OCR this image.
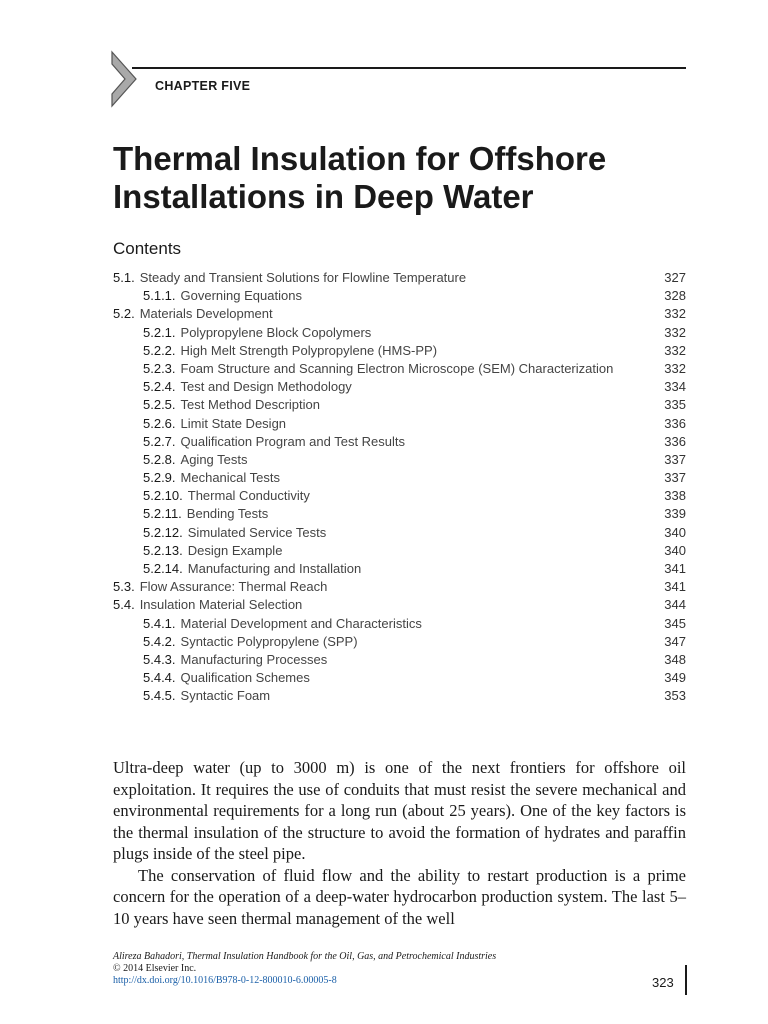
CHAPTER FIVE
Thermal Insulation for Offshore
Installations in Deep Water
Contents
5.1. Steady and Transient Solutions for Flowline Temperature	327
5.1.1. Governing Equations	328
5.2. Materials Development	332
5.2.1. Polypropylene Block Copolymers	332
5.2.2. High Melt Strength Polypropylene (HMS-PP)	332
5.2.3. Foam Structure and Scanning Electron Microscope (SEM) Characterization	332
5.2.4. Test and Design Methodology	334
5.2.5. Test Method Description	335
5.2.6. Limit State Design	336
5.2.7. Qualification Program and Test Results	336
5.2.8. Aging Tests	337
5.2.9. Mechanical Tests	337
5.2.10. Thermal Conductivity	338
5.2.11. Bending Tests	339
5.2.12. Simulated Service Tests	340
5.2.13. Design Example	340
5.2.14. Manufacturing and Installation	341
5.3. Flow Assurance: Thermal Reach	341
5.4. Insulation Material Selection	344
5.4.1. Material Development and Characteristics	345
5.4.2. Syntactic Polypropylene (SPP)	347
5.4.3. Manufacturing Processes	348
5.4.4. Qualification Schemes	349
5.4.5. Syntactic Foam	353

Ultra-deep water (up to 3000 m) is one of the next frontiers for offshore oil exploitation. It requires the use of conduits that must resist the severe mechanical and environmental requirements for a long run (about 25 years). One of the key factors is the thermal insulation of the structure to avoid the formation of hydrates and paraffin plugs inside of the steel pipe.

The conservation of fluid flow and the ability to restart production is a prime concern for the operation of a deep-water hydrocarbon production system. The last 5–10 years have seen thermal management of the well

Alireza Bahadori, Thermal Insulation Handbook for the Oil, Gas, and Petrochemical Industries
© 2014 Elsevier Inc.
http://dx.doi.org/10.1016/B978-0-12-800010-6.00005-8	323
